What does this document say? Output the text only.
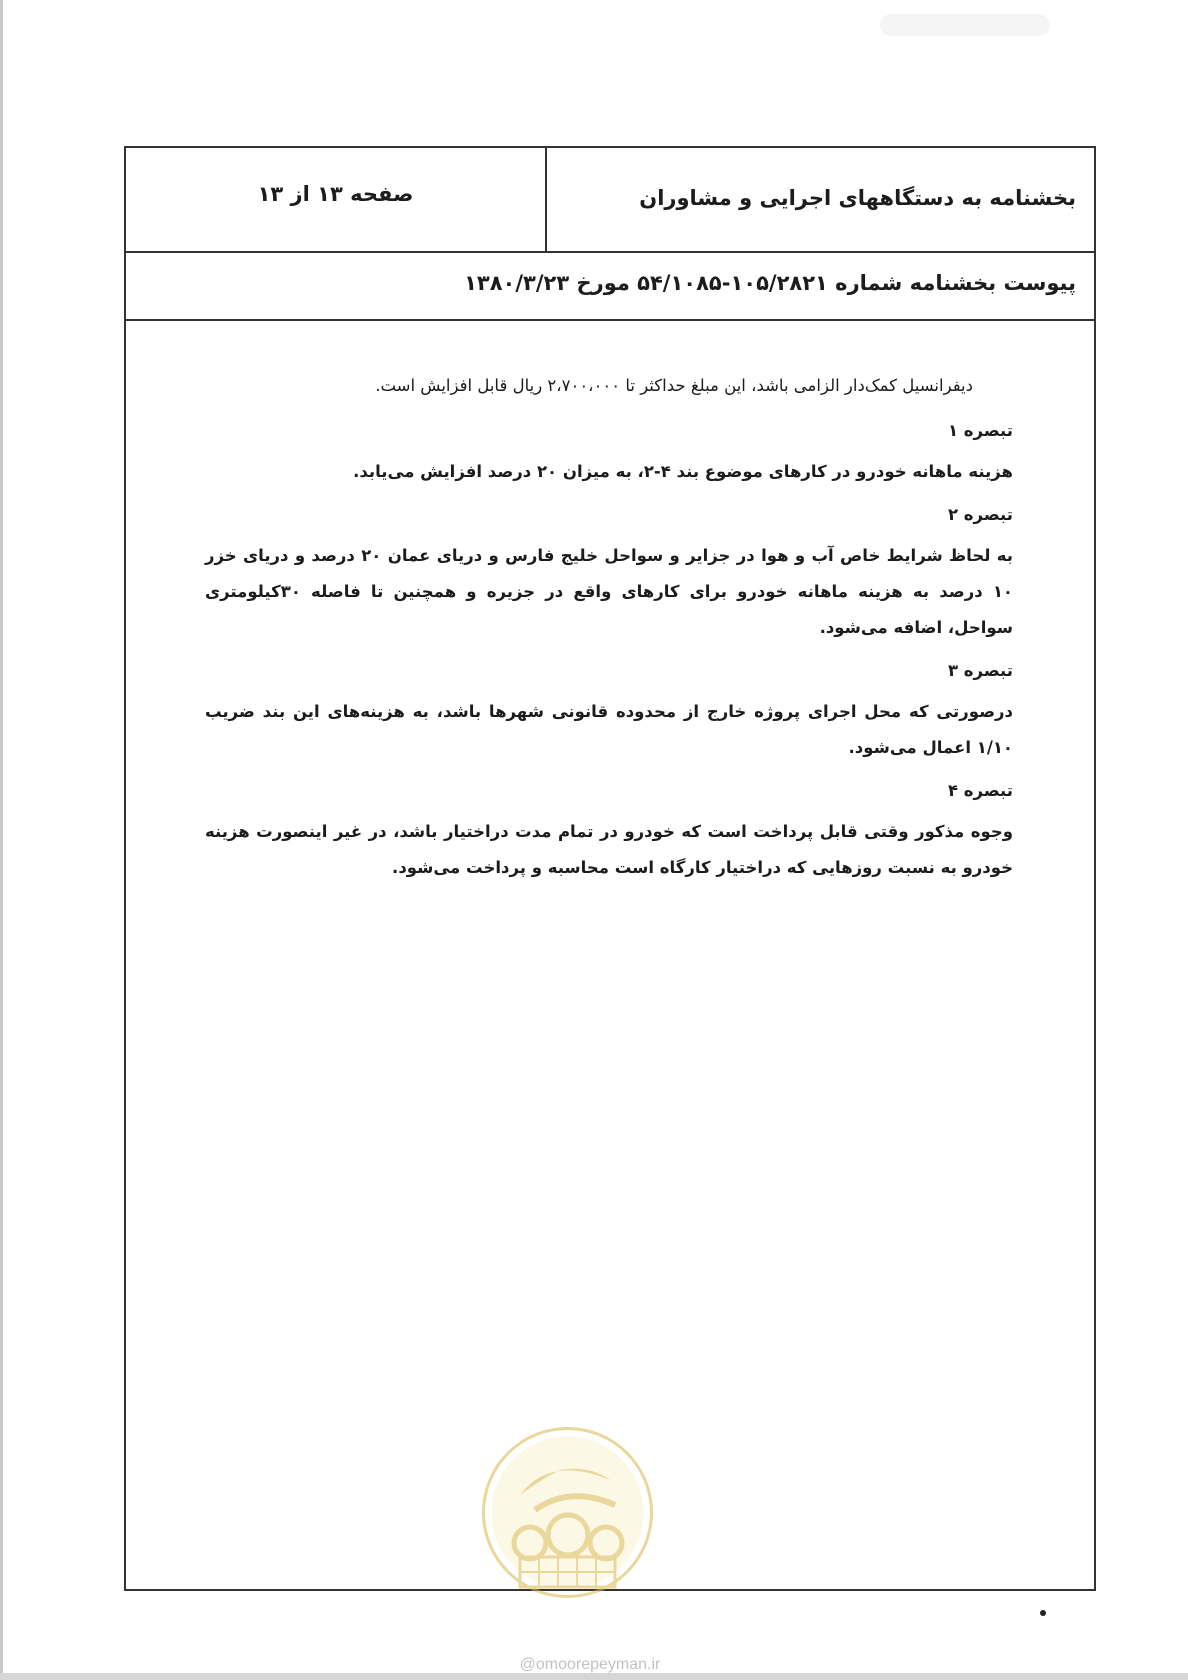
بخشنامه به دستگاههای اجرایی و مشاوران
صفحه ۱۳ از ۱۳
پیوست بخشنامه شماره ۱۰۵/۲۸۲۱-۵۴/۱۰۸۵ مورخ ۱۳۸۰/۳/۲۳

دیفرانسیل کمک‌دار الزامی باشد، این مبلغ حداکثر تا ۲،۷۰۰،۰۰۰ ریال قابل افزایش است.

تبصره ۱

هزینه ماهانه خودرو در کارهای موضوع بند ۴-۲، به میزان ۲۰ درصد افزایش می‌یابد.

تبصره ۲

به لحاظ شرایط خاص آب و هوا در جزایر و سواحل خلیج فارس و دریای عمان ۲۰ درصد و دریای خزر ۱۰ درصد به هزینه ماهانه خودرو برای کارهای واقع در جزیره و همچنین تا فاصله ۳۰کیلومتری سواحل، اضافه می‌شود.

تبصره ۳

درصورتی که محل اجرای پروژه خارج از محدوده قانونی شهرها باشد، به هزینه‌های این بند ضریب ۱/۱۰ اعمال می‌شود.

تبصره ۴

وجوه مذکور وقتی قابل پرداخت است که خودرو در تمام مدت دراختیار باشد، در غیر اینصورت هزینه خودرو به نسبت روزهایی که دراختیار کارگاه است محاسبه و پرداخت می‌شود.

@omoorepeyman.ir
